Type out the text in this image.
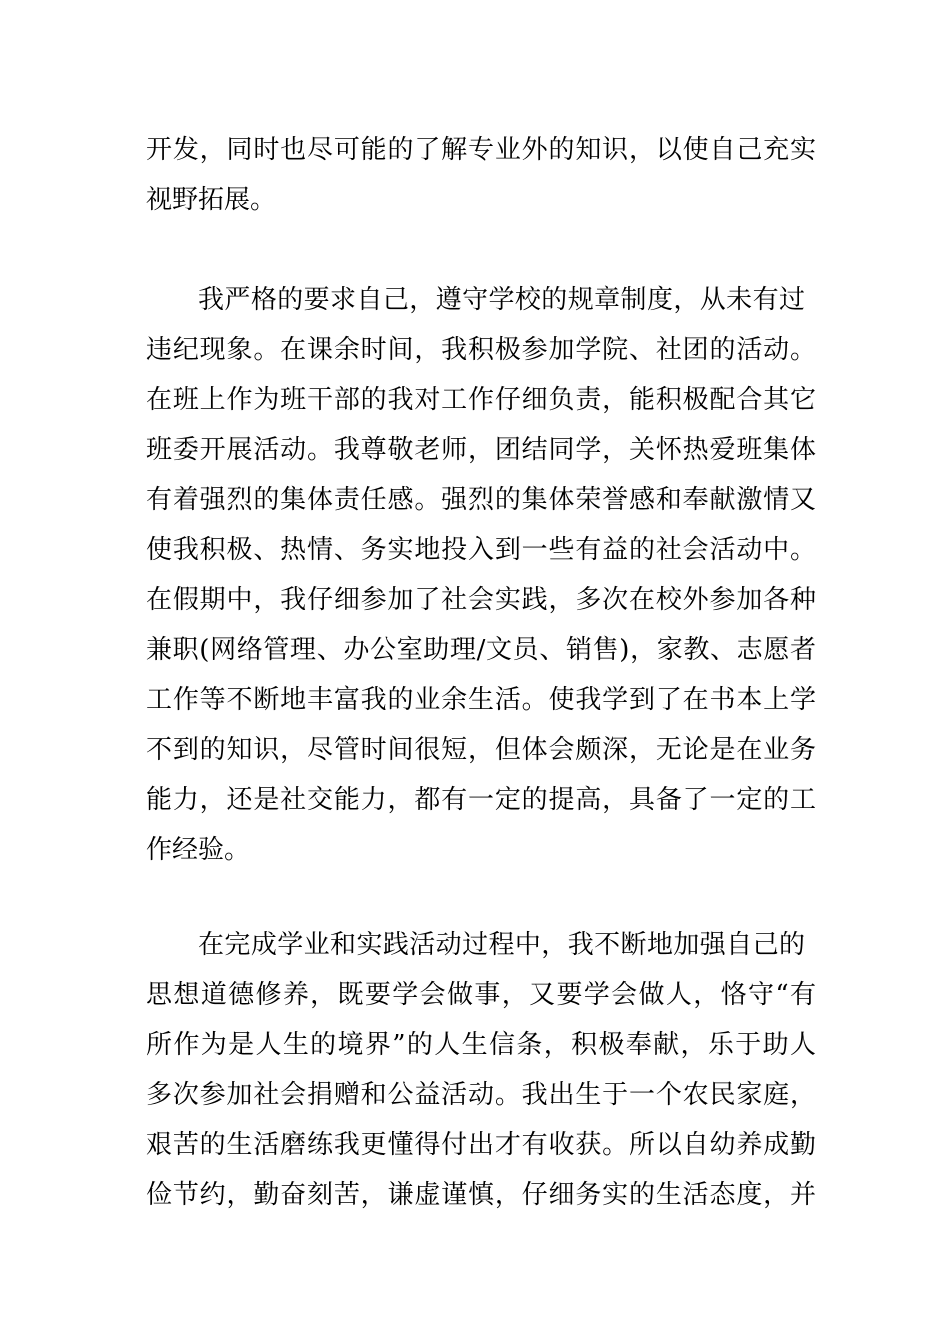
开发，同时也尽可能的了解专业外的知识，以使自己充实
视野拓展。
我严格的要求自己，遵守学校的规章制度，从未有过
违纪现象。在课余时间，我积极参加学院、社团的活动。
在班上作为班干部的我对工作仔细负责，能积极配合其它
班委开展活动。我尊敬老师，团结同学，关怀热爱班集体
有着强烈的集体责任感。强烈的集体荣誉感和奉献激情又
使我积极、热情、务实地投入到一些有益的社会活动中。
在假期中，我仔细参加了社会实践，多次在校外参加各种
兼职(网络管理、办公室助理/文员、销售)，家教、志愿者
工作等不断地丰富我的业余生活。使我学到了在书本上学
不到的知识，尽管时间很短，但体会颇深，无论是在业务
能力，还是社交能力，都有一定的提高，具备了一定的工
作经验。
在完成学业和实践活动过程中，我不断地加强自己的
思想道德修养，既要学会做事，又要学会做人，恪守“有
所作为是人生的境界”的人生信条，积极奉献，乐于助人
多次参加社会捐赠和公益活动。我出生于一个农民家庭，
艰苦的生活磨练我更懂得付出才有收获。所以自幼养成勤
俭节约，勤奋刻苦，谦虚谨慎，仔细务实的生活态度，并
